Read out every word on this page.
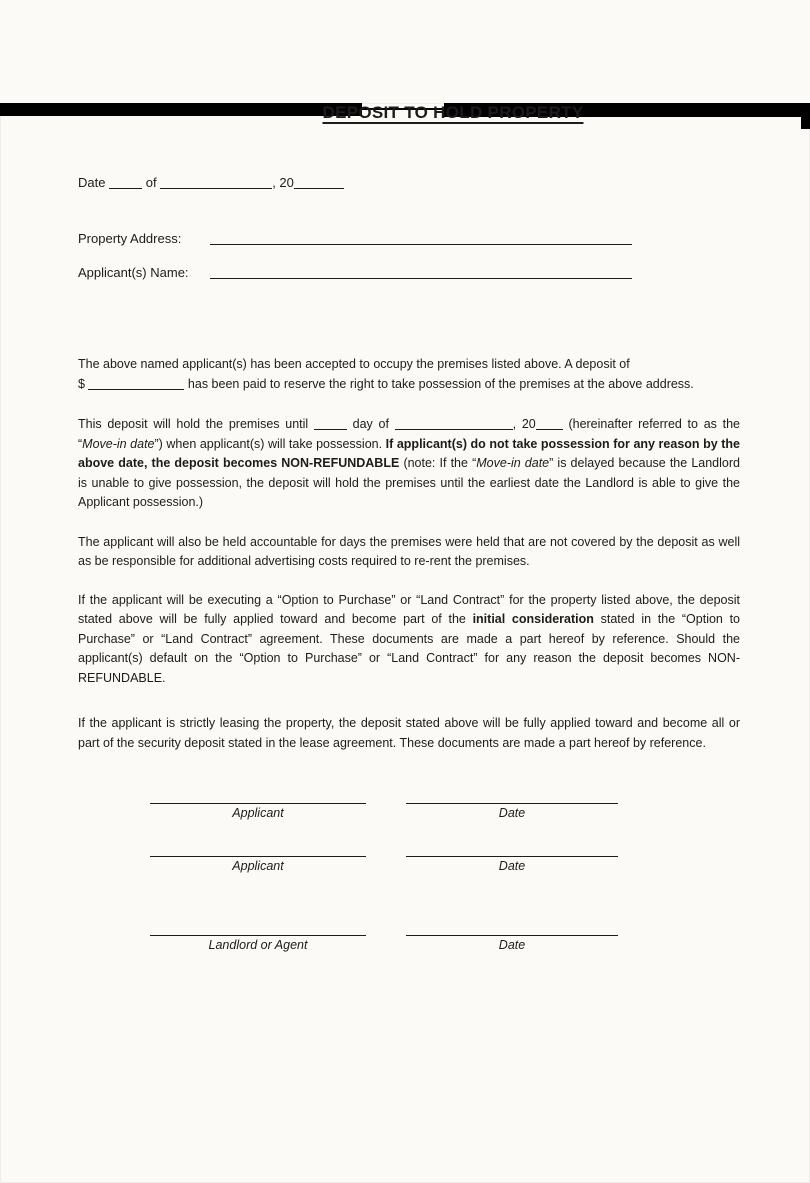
DEPOSIT TO HOLD PROPERTY
Date	of	, 20
Property Address:
Applicant(s) Name:
The above named applicant(s) has been accepted to occupy the premises listed above. A deposit of
$	has been paid to reserve the right to take possession of the premises at the above address.

This deposit will hold the premises until	day of	, 20	(hereinafter referred to as the “Move-in date”) when applicant(s) will take possession. If applicant(s) do not take possession for any reason by the above date, the deposit becomes NON-REFUNDABLE (note: If the “Move-in date” is delayed because the Landlord is unable to give possession, the deposit will hold the premises until the earliest date the Landlord is able to give the Applicant possession.)

The applicant will also be held accountable for days the premises were held that are not covered by the deposit as well as be responsible for additional advertising costs required to re-rent the premises.

If the applicant will be executing a “Option to Purchase” or “Land Contract” for the property listed above, the deposit stated above will be fully applied toward and become part of the initial consideration stated in the “Option to Purchase” or “Land Contract” agreement. These documents are made a part hereof by reference. Should the applicant(s) default on the “Option to Purchase” or “Land Contract” for any reason the deposit becomes NON-REFUNDABLE.

If the applicant is strictly leasing the property, the deposit stated above will be fully applied toward and become all or part of the security deposit stated in the lease agreement. These documents are made a part hereof by reference.

Applicant	Date
Applicant	Date
Landlord or Agent	Date
